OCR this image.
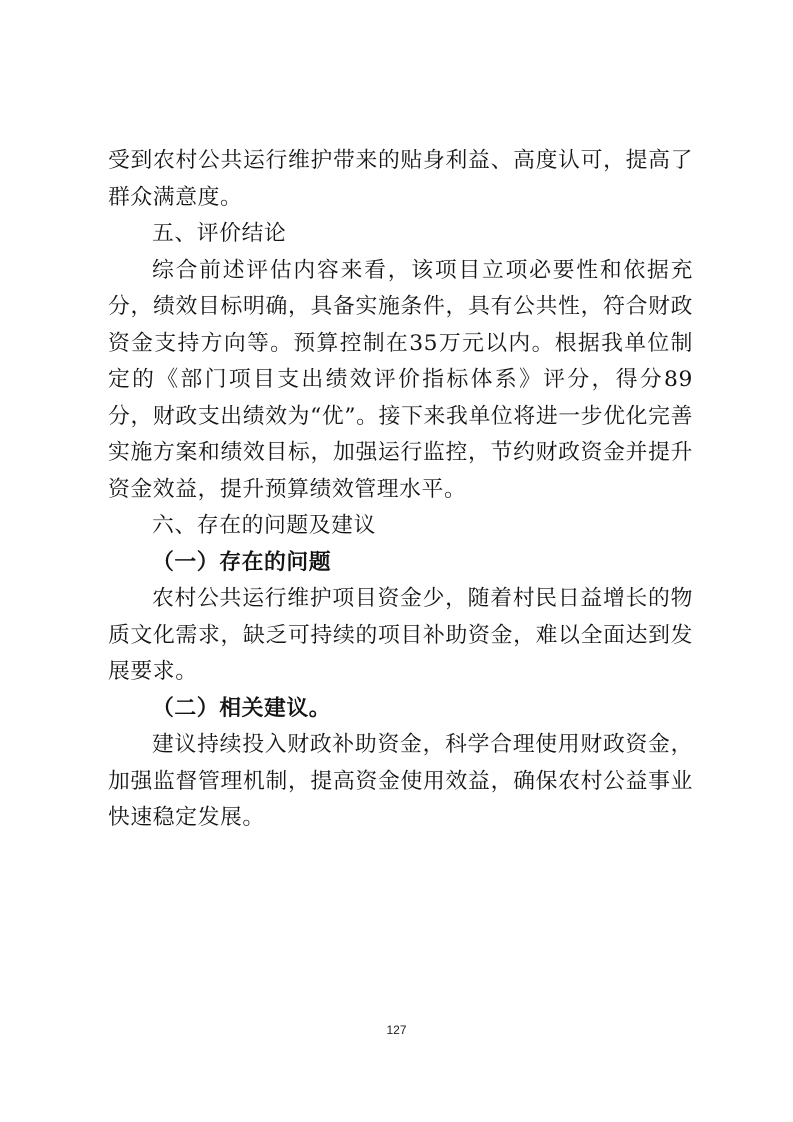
受到农村公共运行维护带来的贴身利益、高度认可，提高了群众满意度。

五、评价结论

综合前述评估内容来看，该项目立项必要性和依据充分，绩效目标明确，具备实施条件，具有公共性，符合财政资金支持方向等。预算控制在35万元以内。根据我单位制定的《部门项目支出绩效评价指标体系》评分，得分89分，财政支出绩效为“优”。接下来我单位将进一步优化完善实施方案和绩效目标，加强运行监控，节约财政资金并提升资金效益，提升预算绩效管理水平。

六、存在的问题及建议

（一）存在的问题

农村公共运行维护项目资金少，随着村民日益增长的物质文化需求，缺乏可持续的项目补助资金，难以全面达到发展要求。

（二）相关建议。

建议持续投入财政补助资金，科学合理使用财政资金，加强监督管理机制，提高资金使用效益，确保农村公益事业快速稳定发展。

127
